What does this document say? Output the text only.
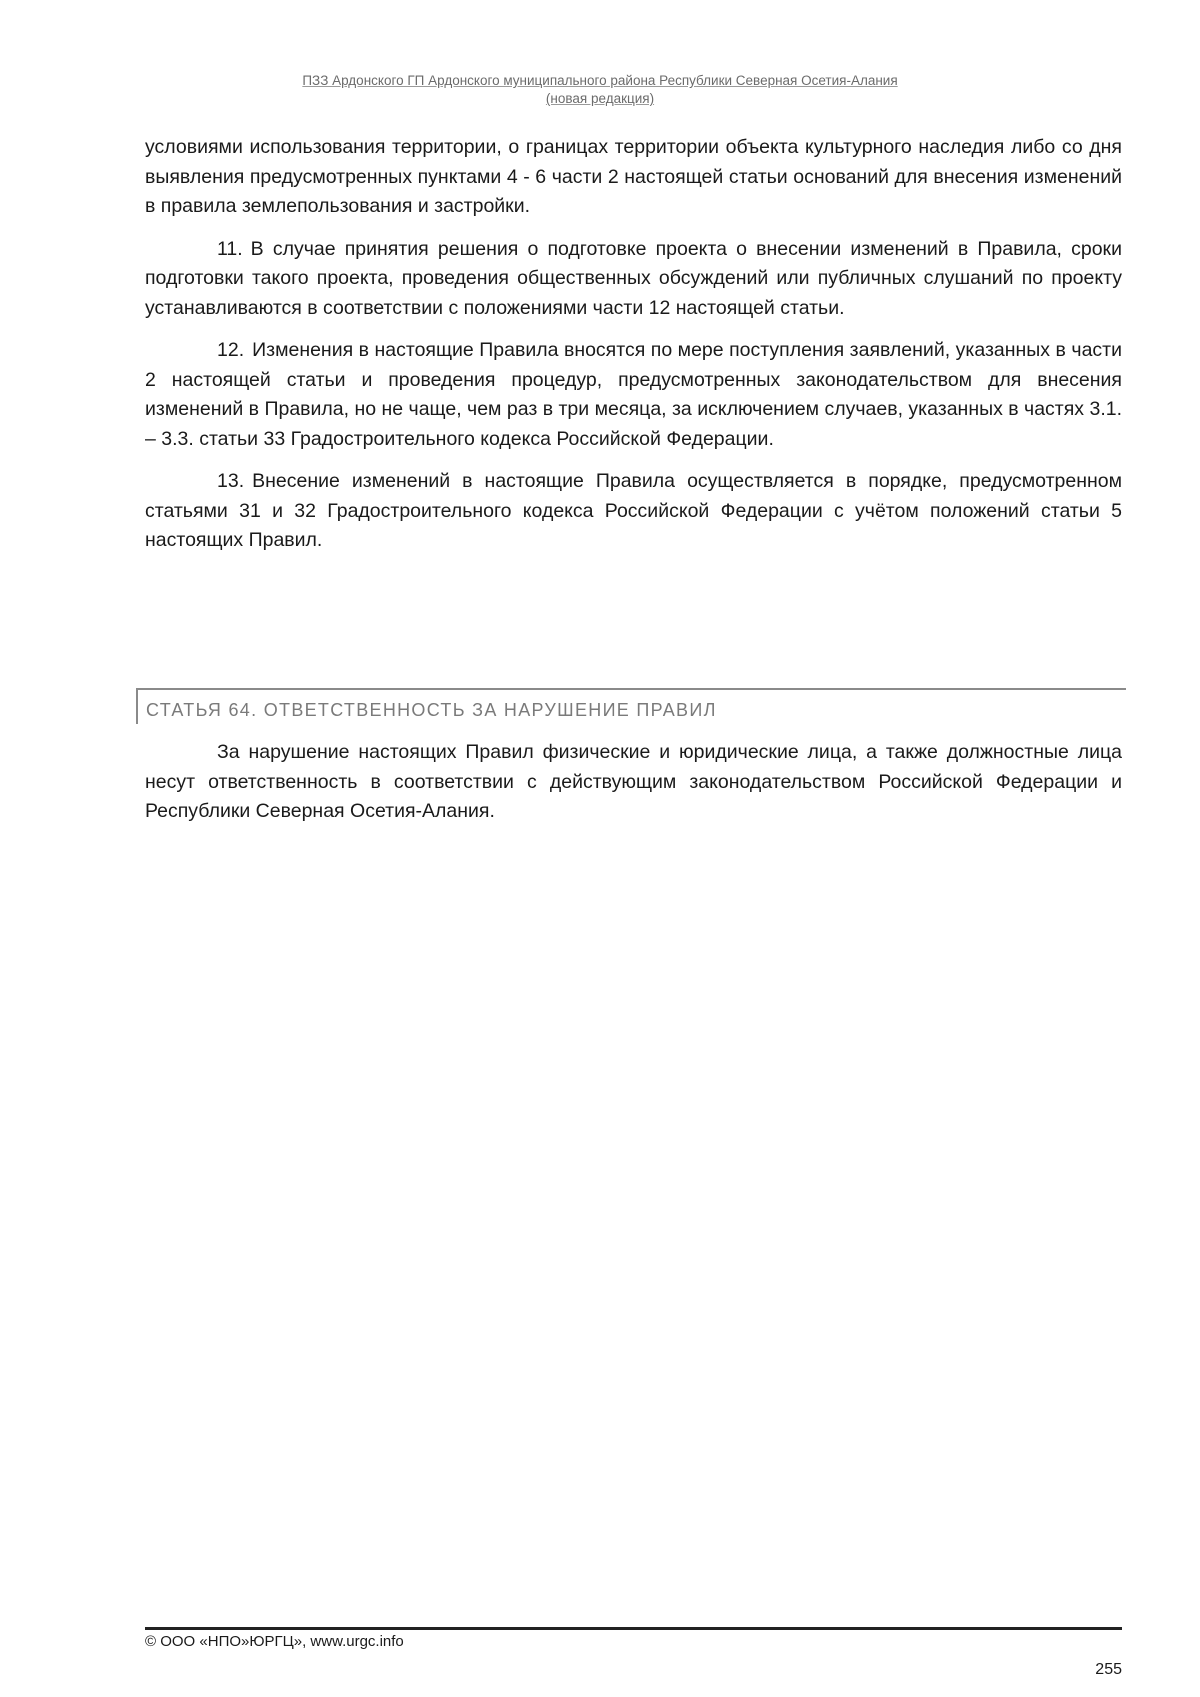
ПЗЗ Ардонского ГП Ардонского муниципального района Республики Северная Осетия-Алания
(новая редакция)

условиями использования территории, о границах территории объекта культурного наследия либо со дня выявления предусмотренных пунктами 4 - 6 части 2 настоящей статьи оснований для внесения изменений в правила землепользования и застройки.

11. В случае принятия решения о подготовке проекта о внесении изменений в Правила, сроки подготовки такого проекта, проведения общественных обсуждений или публичных слушаний по проекту устанавливаются в соответствии с положениями части 12 настоящей статьи.

12. Изменения в настоящие Правила вносятся по мере поступления заявлений, указанных в части 2 настоящей статьи и проведения процедур, предусмотренных законодательством для внесения изменений в Правила, но не чаще, чем раз в три месяца, за исключением случаев, указанных в частях 3.1. – 3.3. статьи 33 Градостроительного кодекса Российской Федерации.

13. Внесение изменений в настоящие Правила осуществляется в порядке, предусмотренном статьями 31 и 32 Градостроительного кодекса Российской Федерации с учётом положений статьи 5 настоящих Правил.

СТАТЬЯ 64. ОТВЕТСТВЕННОСТЬ ЗА НАРУШЕНИЕ ПРАВИЛ

За нарушение настоящих Правил физические и юридические лица, а также должностные лица несут ответственность в соответствии с действующим законодательством Российской Федерации и Республики Северная Осетия-Алания.

© ООО «НПО»ЮРГЦ», www.urgc.info
255
